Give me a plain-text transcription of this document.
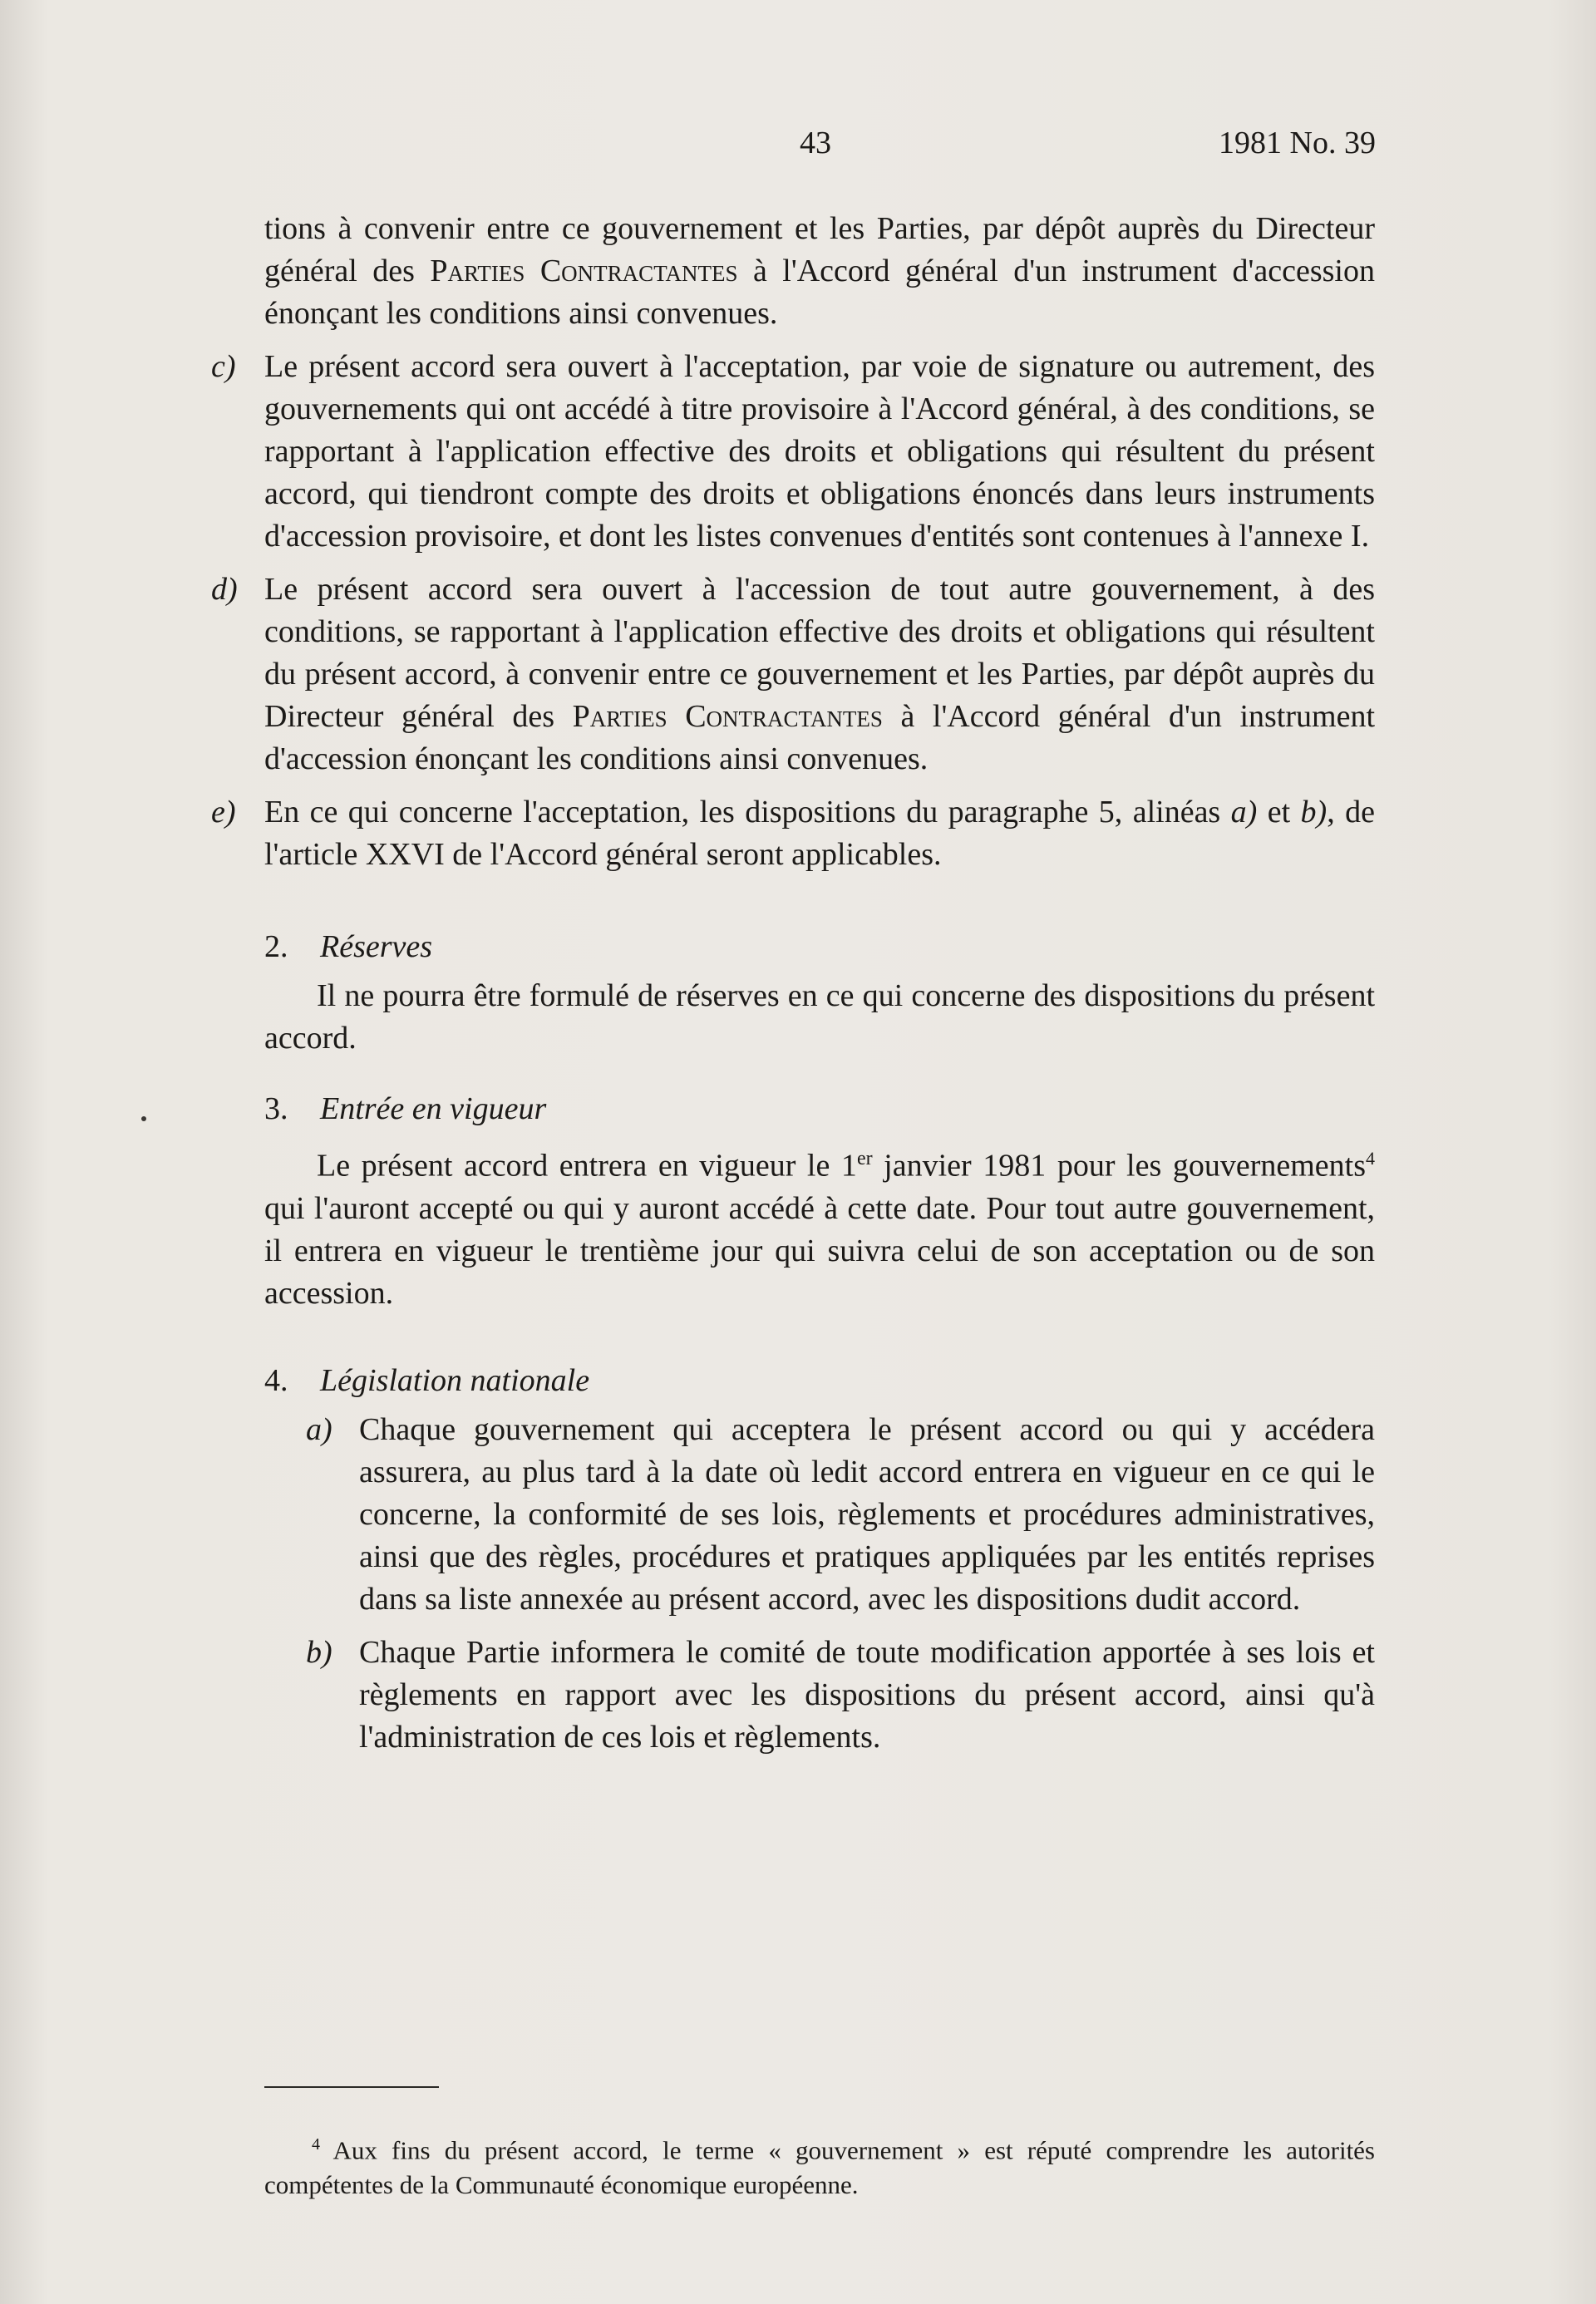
43	1981 No. 39

tions à convenir entre ce gouvernement et les Parties, par dépôt auprès du Directeur général des Parties Contractantes à l'Accord général d'un instrument d'accession énonçant les conditions ainsi convenues.

c) Le présent accord sera ouvert à l'acceptation, par voie de signature ou autrement, des gouvernements qui ont accédé à titre provisoire à l'Accord général, à des conditions, se rapportant à l'application effective des droits et obligations qui résultent du présent accord, qui tiendront compte des droits et obligations énoncés dans leurs instruments d'accession provisoire, et dont les listes convenues d'entités sont contenues à l'annexe I.

d) Le présent accord sera ouvert à l'accession de tout autre gouvernement, à des conditions, se rapportant à l'application effective des droits et obligations qui résultent du présent accord, à convenir entre ce gouvernement et les Parties, par dépôt auprès du Directeur général des Parties Contractantes à l'Accord général d'un instrument d'accession énonçant les conditions ainsi convenues.

e) En ce qui concerne l'acceptation, les dispositions du paragraphe 5, alinéas a) et b), de l'article XXVI de l'Accord général seront applicables.

2. Réserves

Il ne pourra être formulé de réserves en ce qui concerne des dispositions du présent accord.

3. Entrée en vigueur

Le présent accord entrera en vigueur le 1er janvier 1981 pour les gouvernements$^4$ qui l'auront accepté ou qui y auront accédé à cette date. Pour tout autre gouvernement, il entrera en vigueur le trentième jour qui suivra celui de son acceptation ou de son accession.

4. Législation nationale

a) Chaque gouvernement qui acceptera le présent accord ou qui y accédera assurera, au plus tard à la date où ledit accord entrera en vigueur en ce qui le concerne, la conformité de ses lois, règlements et procédures administratives, ainsi que des règles, procédures et pratiques appliquées par les entités reprises dans sa liste annexée au présent accord, avec les dispositions dudit accord.

b) Chaque Partie informera le comité de toute modification apportée à ses lois et règlements en rapport avec les dispositions du présent accord, ainsi qu'à l'administration de ces lois et règlements.

$^4$ Aux fins du présent accord, le terme « gouvernement » est réputé comprendre les autorités compétentes de la Communauté économique européenne.
